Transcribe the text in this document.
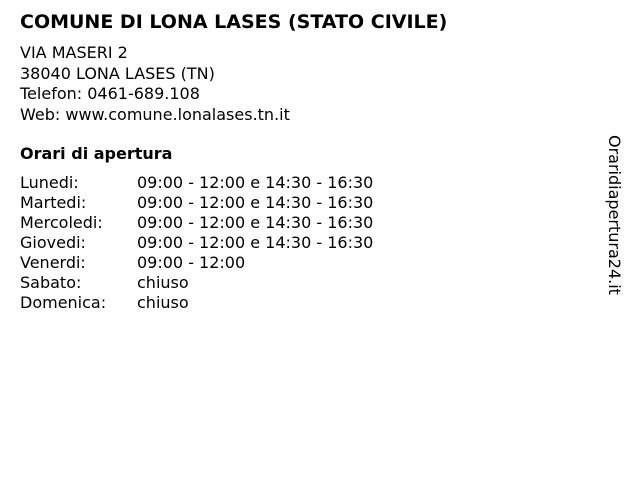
COMUNE DI LONA LASES (STATO CIVILE)
VIA MASERI 2
38040 LONA LASES (TN)
Telefon: 0461-689.108
Web: www.comune.lonalases.tn.it
Orari di apertura
Lunedi:	09:00 - 12:00 e 14:30 - 16:30
Martedi:	09:00 - 12:00 e 14:30 - 16:30
Mercoledi:	09:00 - 12:00 e 14:30 - 16:30
Giovedi:	09:00 - 12:00 e 14:30 - 16:30
Venerdi:	09:00 - 12:00
Sabato:	chiuso
Domenica:	chiuso
Oraridiapertura24.it
